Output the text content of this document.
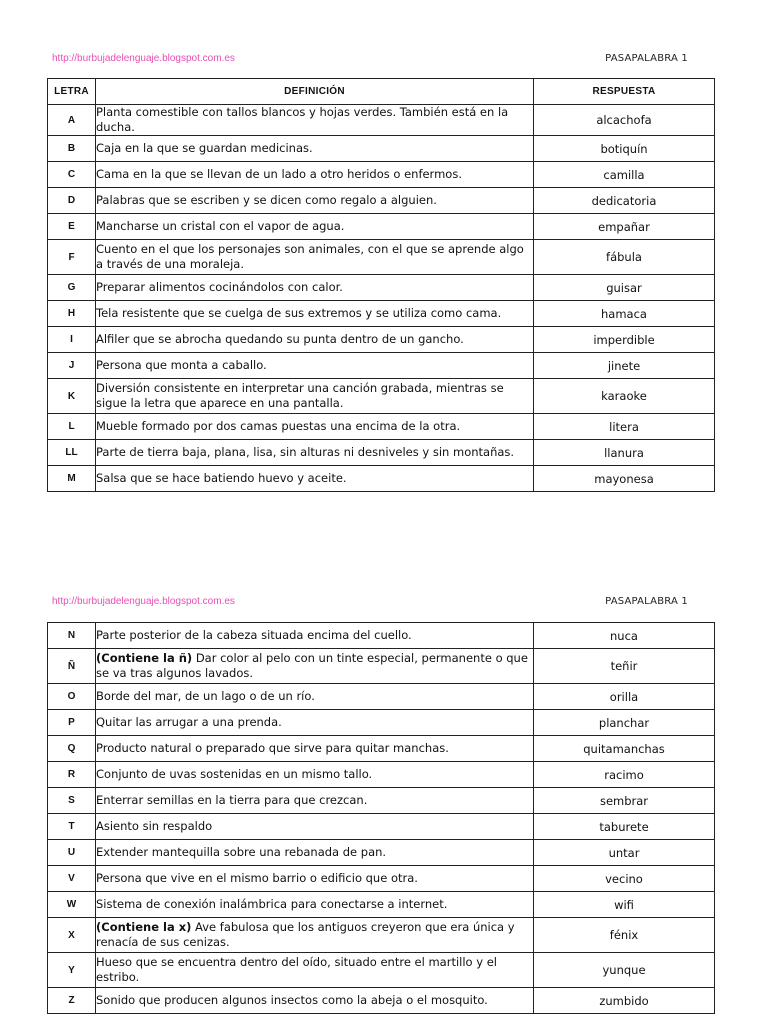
http://burbujadelenguaje.blogspot.com.es	PASAPALABRA 1
LETRA	DEFINICIÓN	RESPUESTA
A	Planta comestible con tallos blancos y hojas verdes. También está en la ducha.	alcachofa
B	Caja en la que se guardan medicinas.	botiquín
C	Cama en la que se llevan de un lado a otro heridos o enfermos.	camilla
D	Palabras que se escriben y se dicen como regalo a alguien.	dedicatoria
E	Mancharse un cristal con el vapor de agua.	empañar
F	Cuento en el que los personajes son animales, con el que se aprende algo a través de una moraleja.	fábula
G	Preparar alimentos cocinándolos con calor.	guisar
H	Tela resistente que se cuelga de sus extremos y se utiliza como cama.	hamaca
I	Alfiler que se abrocha quedando su punta dentro de un gancho.	imperdible
J	Persona que monta a caballo.	jinete
K	Diversión consistente en interpretar una canción grabada, mientras se sigue la letra que aparece en una pantalla.	karaoke
L	Mueble formado por dos camas puestas una encima de la otra.	litera
LL	Parte de tierra baja, plana, lisa, sin alturas ni desniveles y sin montañas.	llanura
M	Salsa que se hace batiendo huevo y aceite.	mayonesa
http://burbujadelenguaje.blogspot.com.es	PASAPALABRA 1
N	Parte posterior de la cabeza situada encima del cuello.	nuca
Ñ	(Contiene la ñ) Dar color al pelo con un tinte especial, permanente o que se va tras algunos lavados.	teñir
O	Borde del mar, de un lago o de un río.	orilla
P	Quitar las arrugar a una prenda.	planchar
Q	Producto natural o preparado que sirve para quitar manchas.	quitamanchas
R	Conjunto de uvas sostenidas en un mismo tallo.	racimo
S	Enterrar semillas en la tierra para que crezcan.	sembrar
T	Asiento sin respaldo	taburete
U	Extender mantequilla sobre una rebanada de pan.	untar
V	Persona que vive en el mismo barrio o edificio que otra.	vecino
W	Sistema de conexión inalámbrica para conectarse a internet.	wifi
X	(Contiene la x) Ave fabulosa que los antiguos creyeron que era única y renacía de sus cenizas.	fénix
Y	Hueso que se encuentra dentro del oído, situado entre el martillo y el estribo.	yunque
Z	Sonido que producen algunos insectos como la abeja o el mosquito.	zumbido
